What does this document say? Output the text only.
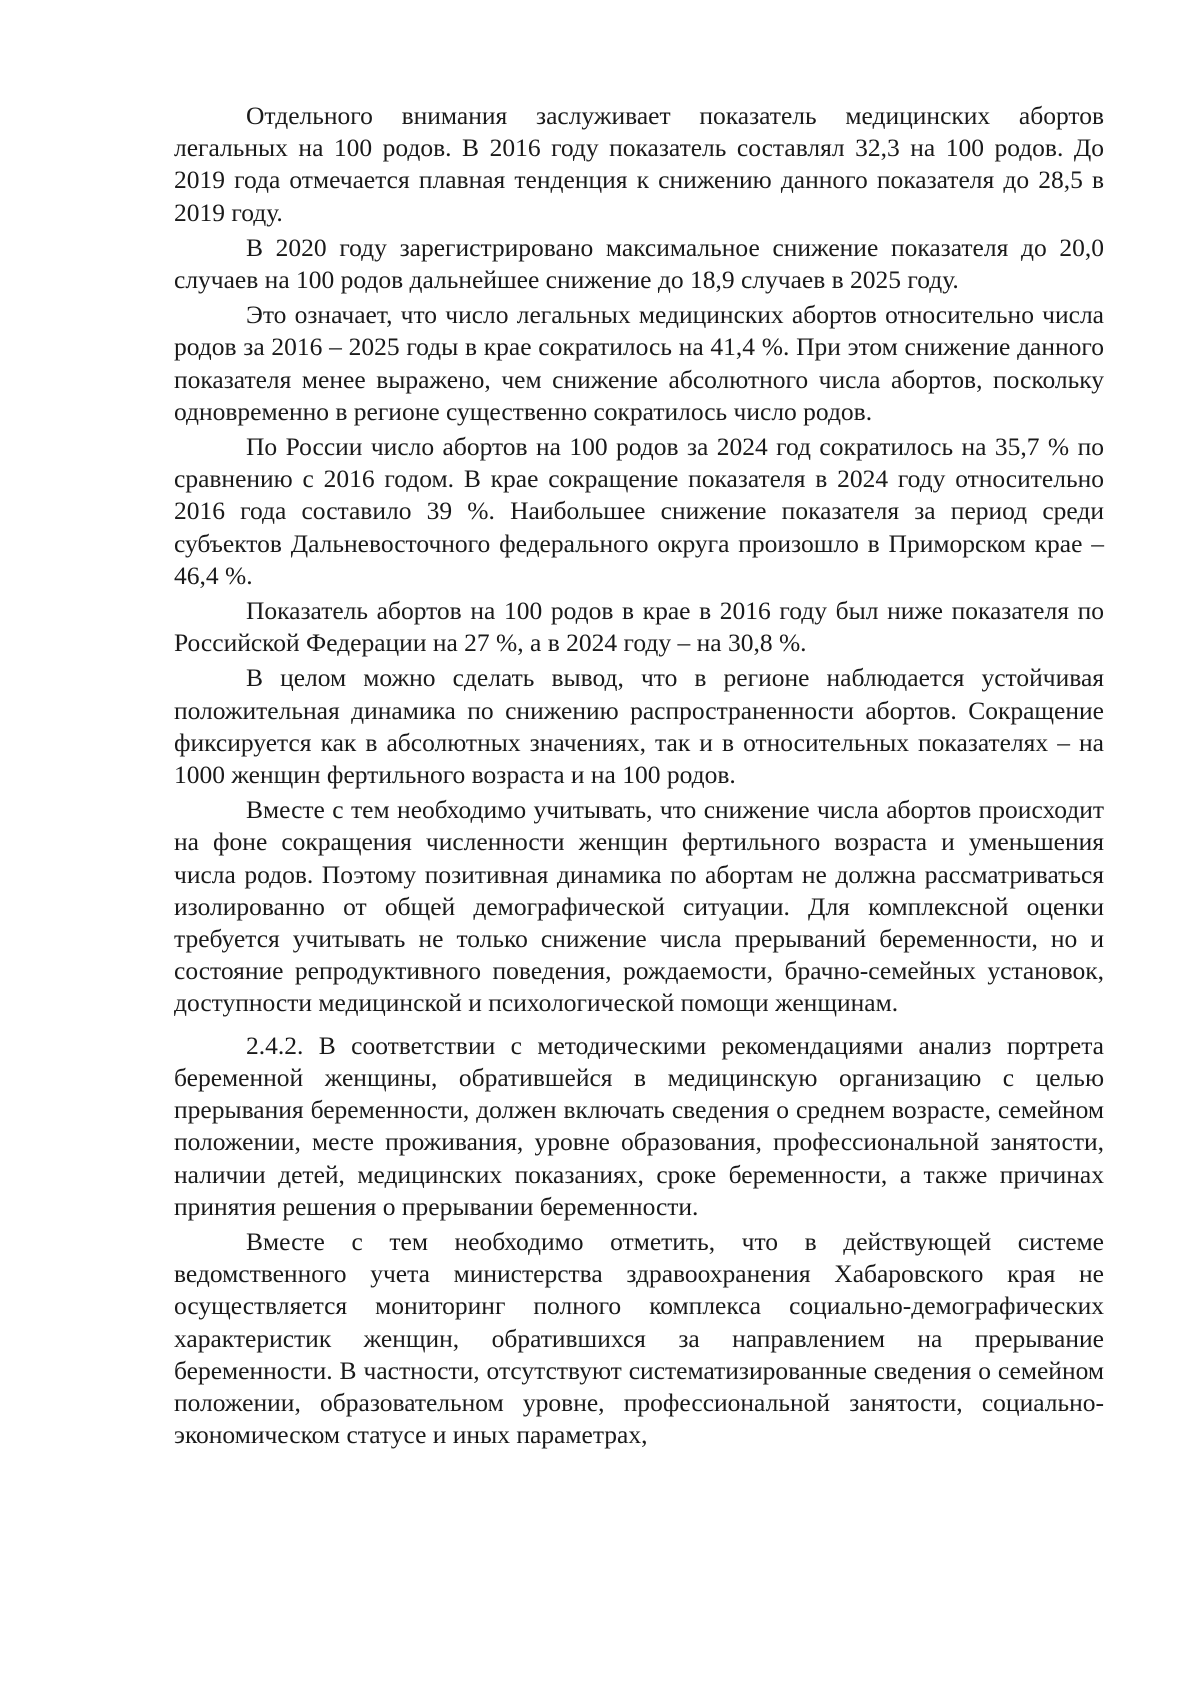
Отдельного внимания заслуживает показатель медицинских абортов легальных на 100 родов. В 2016 году показатель составлял 32,3 на 100 родов. До 2019 года отмечается плавная тенденция к снижению данного показателя до 28,5 в 2019 году.

В 2020 году зарегистрировано максимальное снижение показателя до 20,0 случаев на 100 родов дальнейшее снижение до 18,9 случаев в 2025 году.

Это означает, что число легальных медицинских абортов относительно числа родов за 2016 – 2025 годы в крае сократилось на 41,4 %. При этом снижение данного показателя менее выражено, чем снижение абсолютного числа абортов, поскольку одновременно в регионе существенно сократилось число родов.

По России число абортов на 100 родов за 2024 год сократилось на 35,7 % по сравнению с 2016 годом. В крае сокращение показателя в 2024 году относительно 2016 года составило 39 %. Наибольшее снижение показателя за период среди субъектов Дальневосточного федерального округа произошло в Приморском крае – 46,4 %.

Показатель абортов на 100 родов в крае в 2016 году был ниже показателя по Российской Федерации на 27 %, а в 2024 году – на 30,8 %.

В целом можно сделать вывод, что в регионе наблюдается устойчивая положительная динамика по снижению распространенности абортов. Сокращение фиксируется как в абсолютных значениях, так и в относительных показателях – на 1000 женщин фертильного возраста и на 100 родов.

Вместе с тем необходимо учитывать, что снижение числа абортов происходит на фоне сокращения численности женщин фертильного возраста и уменьшения числа родов. Поэтому позитивная динамика по абортам не должна рассматриваться изолированно от общей демографической ситуации. Для комплексной оценки требуется учитывать не только снижение числа прерываний беременности, но и состояние репродуктивного поведения, рождаемости, брачно-семейных установок, доступности медицинской и психологической помощи женщинам.

2.4.2. В соответствии с методическими рекомендациями анализ портрета беременной женщины, обратившейся в медицинскую организацию с целью прерывания беременности, должен включать сведения о среднем возрасте, семейном положении, месте проживания, уровне образования, профессиональной занятости, наличии детей, медицинских показаниях, сроке беременности, а также причинах принятия решения о прерывании беременности.

Вместе с тем необходимо отметить, что в действующей системе ведомственного учета министерства здравоохранения Хабаровского края не осуществляется мониторинг полного комплекса социально-демографических характеристик женщин, обратившихся за направлением на прерывание беременности. В частности, отсутствуют систематизированные сведения о семейном положении, образовательном уровне, профессиональной занятости, социально-экономическом статусе и иных параметрах,
